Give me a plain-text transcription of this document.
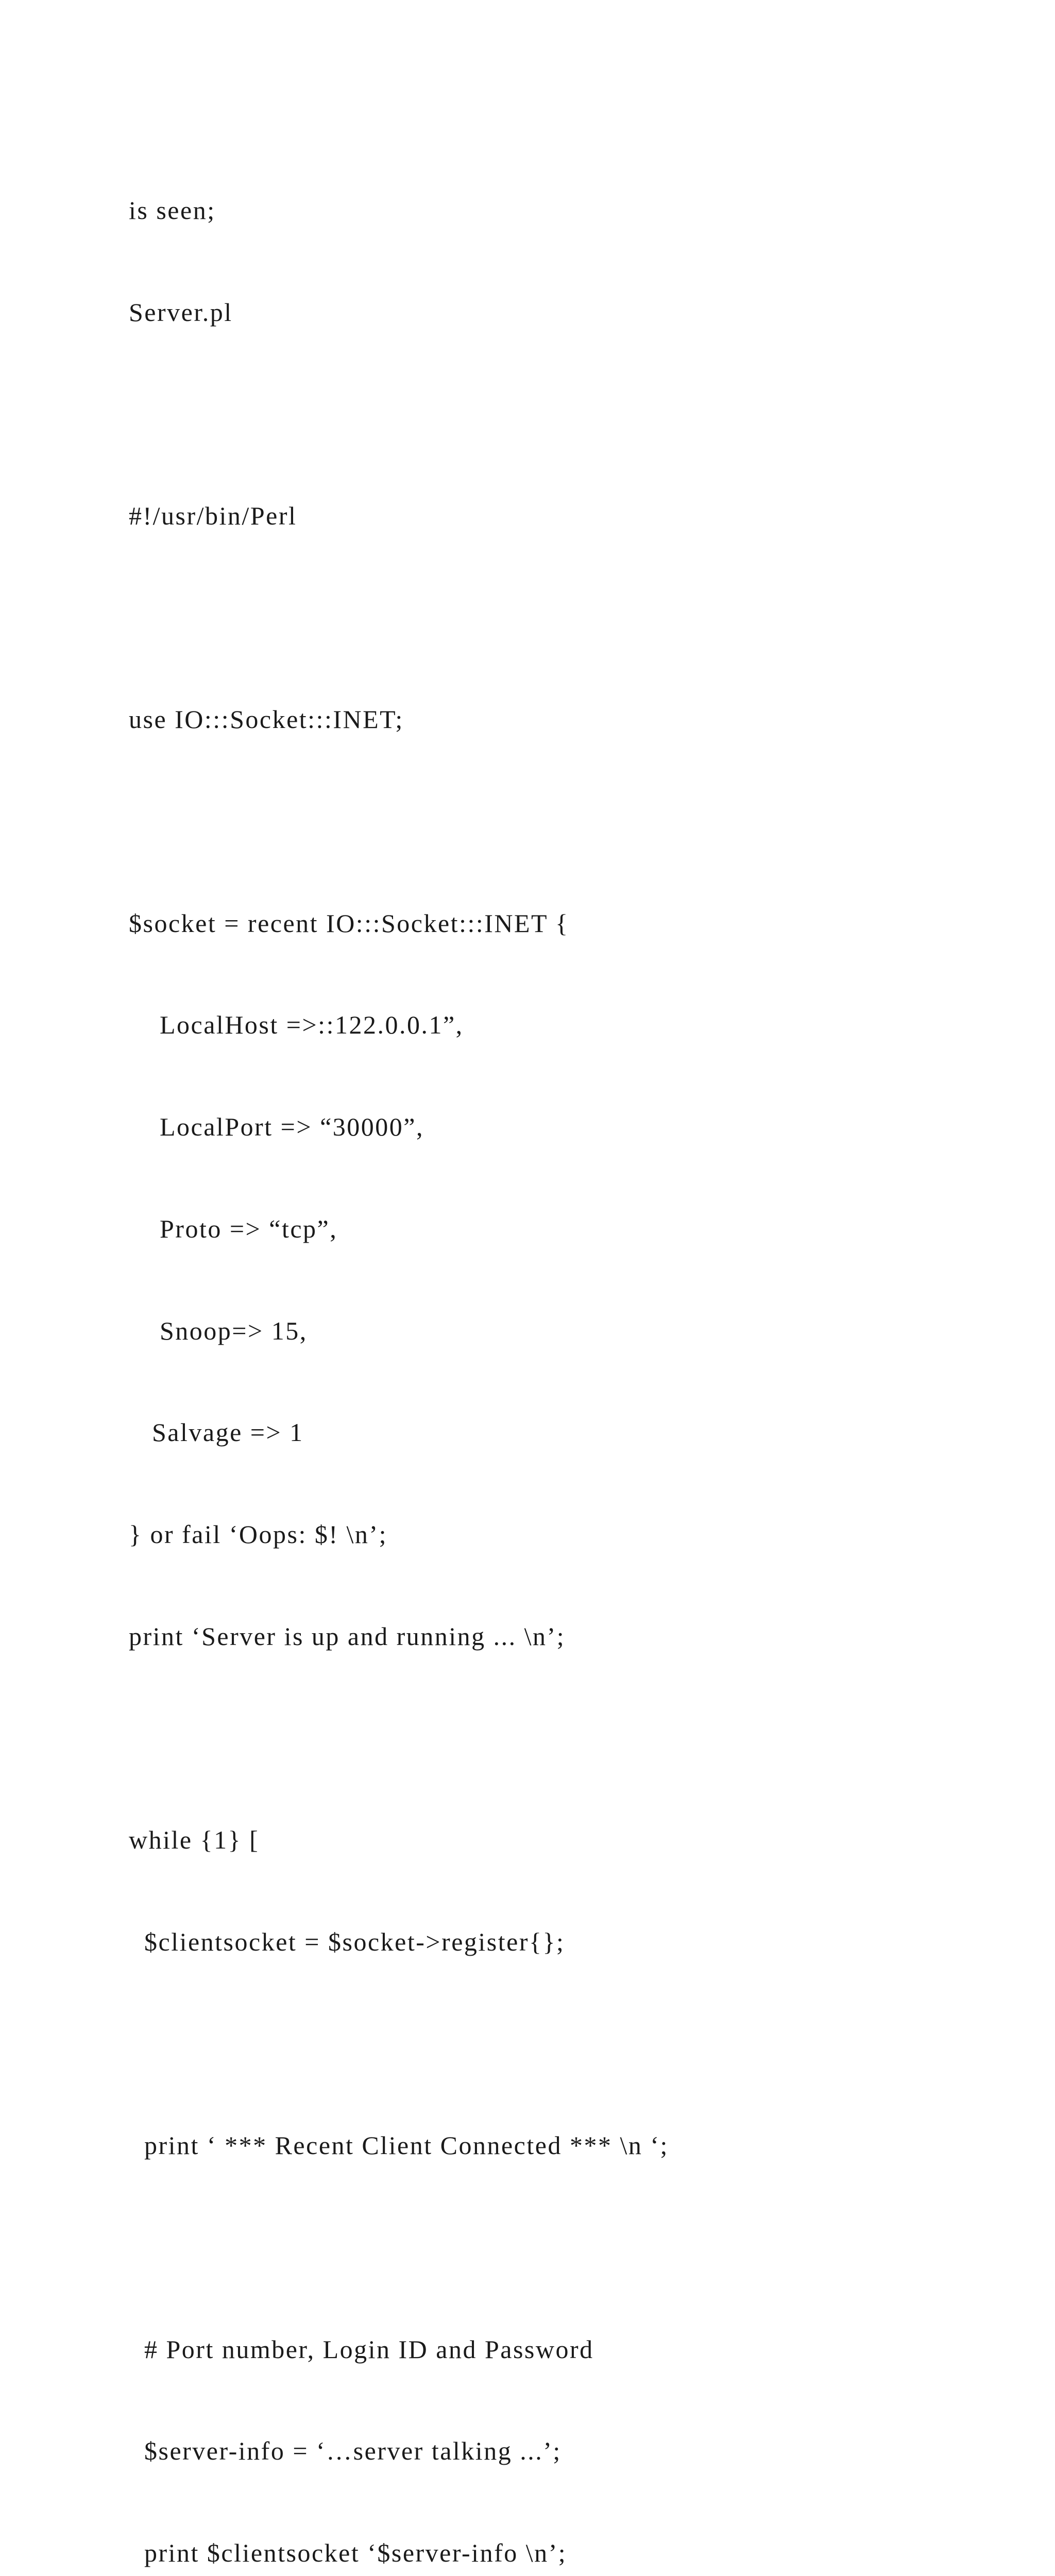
is seen;

Server.pl

#!/usr/bin/Perl

use IO:::Socket:::INET;

$socket = recent IO:::Socket:::INET {

LocalHost =>::122.0.0.1”,

LocalPort => “30000”,

Proto => “tcp”,

Snoop=> 15,

Salvage => 1

} or fail ‘Oops: $! \n’;

print ‘Server is up and running ... \n’;

while {1} [

$clientsocket = $socket->register{};

print ‘ *** Recent Client Connected *** \n ‘;

# Port number, Login ID and Password

$server-info = ‘…server talking ...’;

print $clientsocket ‘$server-info \n’;
